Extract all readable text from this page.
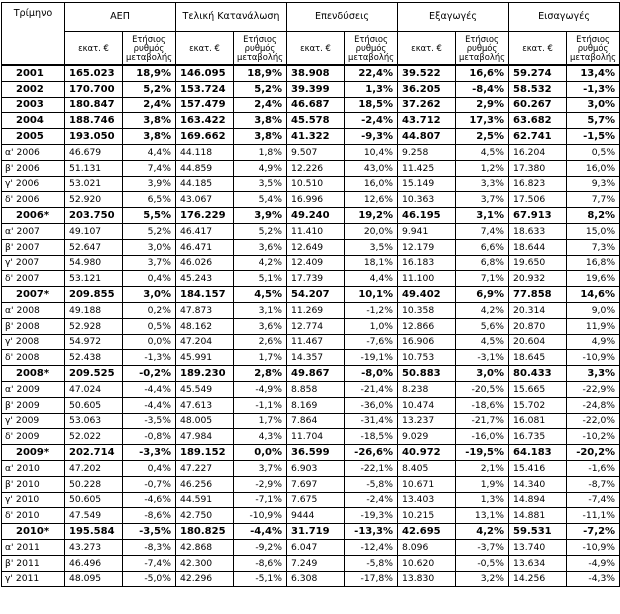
Τρίμηνο	ΑΕΠ		Τελική Κατανάλωση		Επενδύσεις		Εξαγωγές		Εισαγωγές	
	εκατ. €	Ετήσιος ρυθμός μεταβολής	εκατ. €	Ετήσιος ρυθμός μεταβολής	εκατ. €	Ετήσιος ρυθμός μεταβολής	εκατ. €	Ετήσιος ρυθμός μεταβολής	εκατ. €	Ετήσιος ρυθμός μεταβολής
2001	165.023	18,9%	146.095	18,9%	38.908	22,4%	39.522	16,6%	59.274	13,4%
2002	170.700	5,2%	153.724	5,2%	39.399	1,3%	36.205	-8,4%	58.532	-1,3%
2003	180.847	2,4%	157.479	2,4%	46.687	18,5%	37.262	2,9%	60.267	3,0%
2004	188.746	3,8%	163.422	3,8%	45.578	-2,4%	43.712	17,3%	63.682	5,7%
2005	193.050	3,8%	169.662	3,8%	41.322	-9,3%	44.807	2,5%	62.741	-1,5%
α' 2006	46.679	4,4%	44.118	1,8%	9.507	10,4%	9.258	4,5%	16.204	0,5%
β' 2006	51.131	7,4%	44.859	4,9%	12.226	43,0%	11.425	1,2%	17.380	16,0%
γ' 2006	53.021	3,9%	44.185	3,5%	10.510	16,0%	15.149	3,3%	16.823	9,3%
δ' 2006	52.920	6,5%	43.067	5,4%	16.996	12,6%	10.363	3,7%	17.506	7,7%
2006*	203.750	5,5%	176.229	3,9%	49.240	19,2%	46.195	3,1%	67.913	8,2%
α' 2007	49.107	5,2%	46.417	5,2%	11.410	20,0%	9.941	7,4%	18.633	15,0%
β' 2007	52.647	3,0%	46.471	3,6%	12.649	3,5%	12.179	6,6%	18.644	7,3%
γ' 2007	54.980	3,7%	46.026	4,2%	12.409	18,1%	16.183	6,8%	19.650	16,8%
δ' 2007	53.121	0,4%	45.243	5,1%	17.739	4,4%	11.100	7,1%	20.932	19,6%
2007*	209.855	3,0%	184.157	4,5%	54.207	10,1%	49.402	6,9%	77.858	14,6%
α' 2008	49.188	0,2%	47.873	3,1%	11.269	-1,2%	10.358	4,2%	20.314	9,0%
β' 2008	52.928	0,5%	48.162	3,6%	12.774	1,0%	12.866	5,6%	20.870	11,9%
γ' 2008	54.972	0,0%	47.204	2,6%	11.467	-7,6%	16.906	4,5%	20.604	4,9%
δ' 2008	52.438	-1,3%	45.991	1,7%	14.357	-19,1%	10.753	-3,1%	18.645	-10,9%
2008*	209.525	-0,2%	189.230	2,8%	49.867	-8,0%	50.883	3,0%	80.433	3,3%
α' 2009	47.024	-4,4%	45.549	-4,9%	8.858	-21,4%	8.238	-20,5%	15.665	-22,9%
β' 2009	50.605	-4,4%	47.613	-1,1%	8.169	-36,0%	10.474	-18,6%	15.702	-24,8%
γ' 2009	53.063	-3,5%	48.005	1,7%	7.864	-31,4%	13.237	-21,7%	16.081	-22,0%
δ' 2009	52.022	-0,8%	47.984	4,3%	11.704	-18,5%	9.029	-16,0%	16.735	-10,2%
2009*	202.714	-3,3%	189.152	0,0%	36.599	-26,6%	40.972	-19,5%	64.183	-20,2%
α' 2010	47.202	0,4%	47.227	3,7%	6.903	-22,1%	8.405	2,1%	15.416	-1,6%
β' 2010	50.228	-0,7%	46.256	-2,9%	7.697	-5,8%	10.671	1,9%	14.340	-8,7%
γ' 2010	50.605	-4,6%	44.591	-7,1%	7.675	-2,4%	13.403	1,3%	14.894	-7,4%
δ' 2010	47.549	-8,6%	42.750	-10,9%	9444	-19,3%	10.215	13,1%	14.881	-11,1%
2010*	195.584	-3,5%	180.825	-4,4%	31.719	-13,3%	42.695	4,2%	59.531	-7,2%
α' 2011	43.273	-8,3%	42.868	-9,2%	6.047	-12,4%	8.096	-3,7%	13.740	-10,9%
β' 2011	46.496	-7,4%	42.300	-8,6%	7.249	-5,8%	10.620	-0,5%	13.634	-4,9%
γ' 2011	48.095	-5,0%	42.296	-5,1%	6.308	-17,8%	13.830	3,2%	14.256	-4,3%
